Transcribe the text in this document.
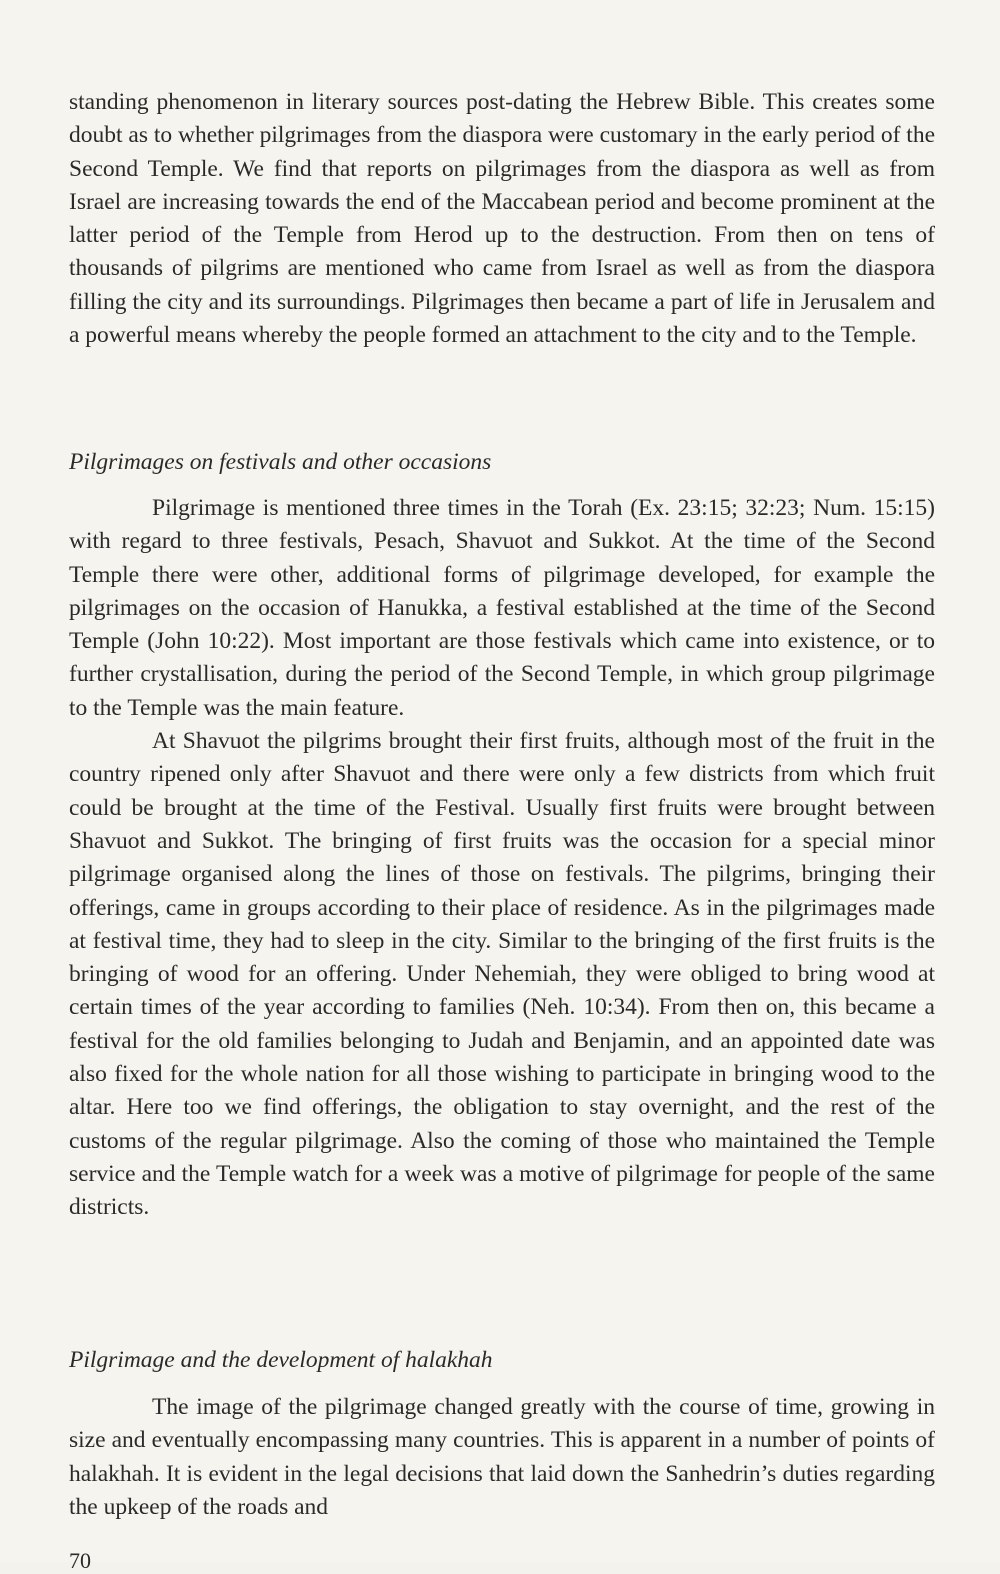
standing phenomenon in literary sources post-dating the Hebrew Bible. This creates some doubt as to whether pilgrimages from the diaspora were customary in the early period of the Second Temple. We find that reports on pilgrimages from the diaspora as well as from Israel are increasing towards the end of the Maccabean period and become prominent at the latter period of the Temple from Herod up to the destruction. From then on tens of thousands of pilgrims are mentioned who came from Israel as well as from the diaspora filling the city and its surroundings. Pilgrimages then became a part of life in Jerusalem and a powerful means whereby the people formed an attachment to the city and to the Temple.

Pilgrimages on festivals and other occasions

Pilgrimage is mentioned three times in the Torah (Ex. 23:15; 32:23; Num. 15:15) with regard to three festivals, Pesach, Shavuot and Sukkot. At the time of the Second Temple there were other, additional forms of pilgrimage developed, for example the pilgrimages on the occasion of Hanukka, a festival established at the time of the Second Temple (John 10:22). Most important are those festivals which came into existence, or to further crystallisation, during the period of the Second Temple, in which group pilgrimage to the Temple was the main feature.

At Shavuot the pilgrims brought their first fruits, although most of the fruit in the country ripened only after Shavuot and there were only a few districts from which fruit could be brought at the time of the Festival. Usually first fruits were brought between Shavuot and Sukkot. The bringing of first fruits was the occasion for a special minor pilgrimage organised along the lines of those on festivals. The pilgrims, bringing their offerings, came in groups according to their place of residence. As in the pilgrimages made at festival time, they had to sleep in the city. Similar to the bringing of the first fruits is the bringing of wood for an offering. Under Nehemiah, they were obliged to bring wood at certain times of the year according to families (Neh. 10:34). From then on, this became a festival for the old families belonging to Judah and Benjamin, and an appointed date was also fixed for the whole nation for all those wishing to participate in bringing wood to the altar. Here too we find offerings, the obligation to stay overnight, and the rest of the customs of the regular pilgrimage. Also the coming of those who maintained the Temple service and the Temple watch for a week was a motive of pilgrimage for people of the same districts.

Pilgrimage and the development of halakhah

The image of the pilgrimage changed greatly with the course of time, growing in size and eventually encompassing many countries. This is apparent in a number of points of halakhah. It is evident in the legal decisions that laid down the Sanhedrin’s duties regarding the upkeep of the roads and

70
